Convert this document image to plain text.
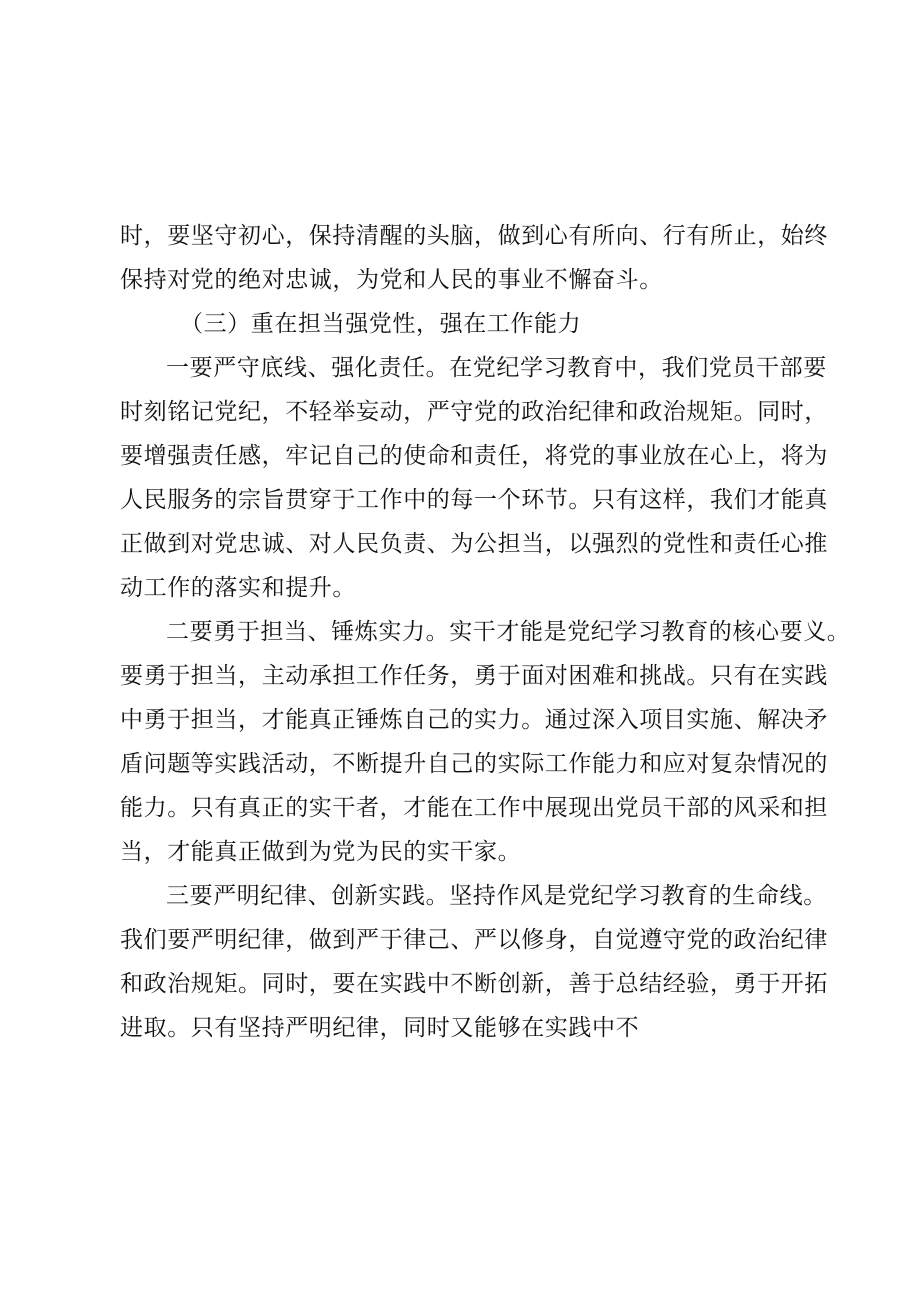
时，要坚守初心，保持清醒的头脑，做到心有所向、行有所止，始终
保持对党的绝对忠诚，为党和人民的事业不懈奋斗。
（三）重在担当强党性，强在工作能力
一要严守底线、强化责任。在党纪学习教育中，我们党员干部要
时刻铭记党纪，不轻举妄动，严守党的政治纪律和政治规矩。同时，
要增强责任感，牢记自己的使命和责任，将党的事业放在心上，将为
人民服务的宗旨贯穿于工作中的每一个环节。只有这样，我们才能真
正做到对党忠诚、对人民负责、为公担当，以强烈的党性和责任心推
动工作的落实和提升。
二要勇于担当、锤炼实力。实干才能是党纪学习教育的核心要义。
要勇于担当，主动承担工作任务，勇于面对困难和挑战。只有在实践
中勇于担当，才能真正锤炼自己的实力。通过深入项目实施、解决矛
盾问题等实践活动，不断提升自己的实际工作能力和应对复杂情况的
能力。只有真正的实干者，才能在工作中展现出党员干部的风采和担
当，才能真正做到为党为民的实干家。
三要严明纪律、创新实践。坚持作风是党纪学习教育的生命线。
我们要严明纪律，做到严于律己、严以修身，自觉遵守党的政治纪律
和政治规矩。同时，要在实践中不断创新，善于总结经验，勇于开拓
进取。只有坚持严明纪律，同时又能够在实践中不
